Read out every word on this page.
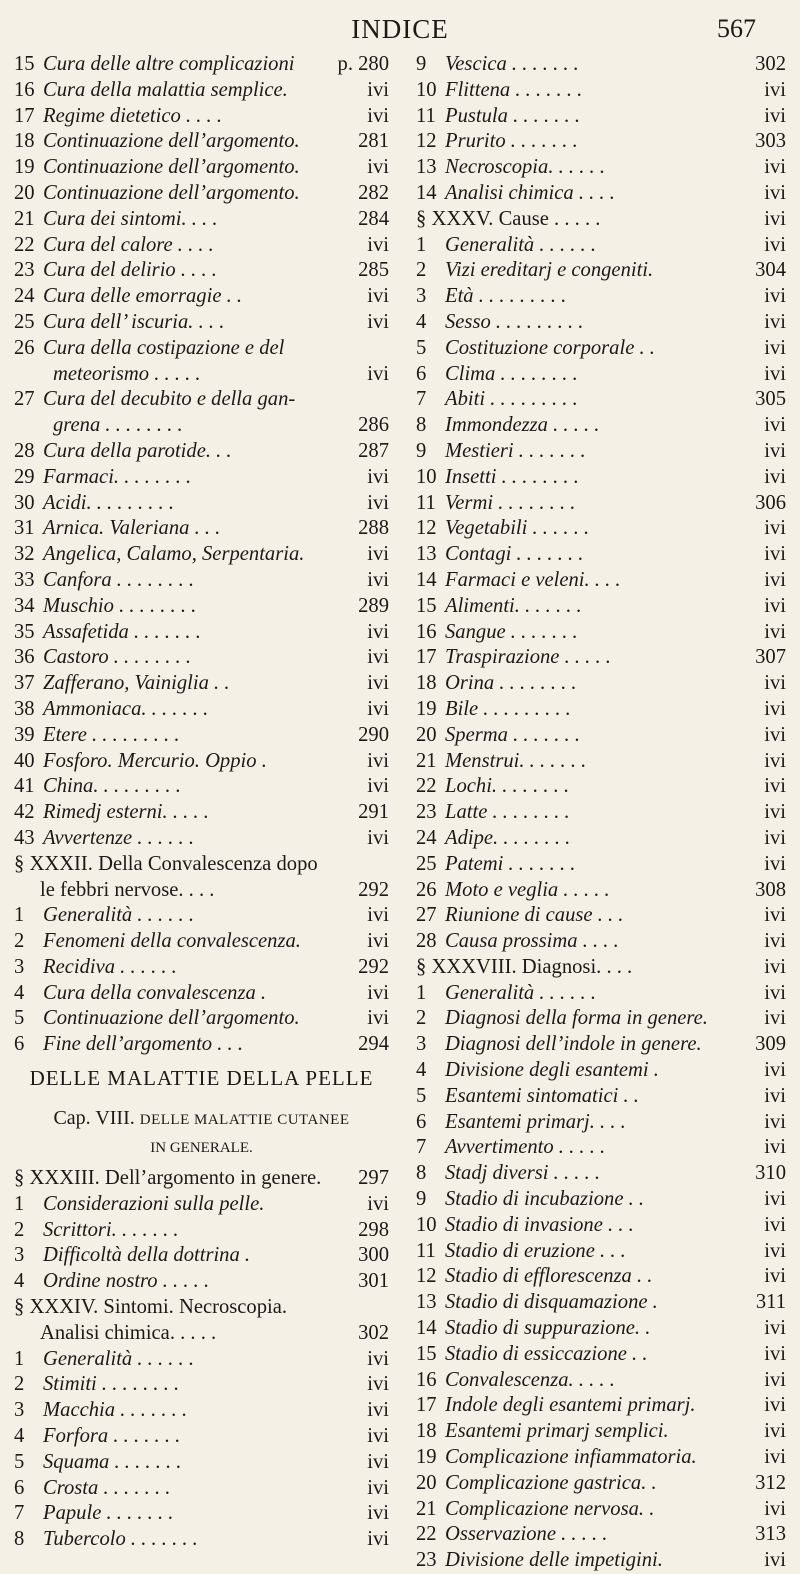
INDICE	567
15 Cura delle altre complicazioni p. 280
16 Cura della malattia semplice.	ivi
17 Regime dietetico . . . .	ivi
18 Continuazione dell’argomento.	281
19 Continuazione dell’argomento.	ivi
20 Continuazione dell’argomento.	282
21 Cura dei sintomi. . . .	284
22 Cura del calore . . . .	ivi
23 Cura del delirio . . . .	285
24 Cura delle emorragie . .	ivi
25 Cura dell’ iscuria. . . .	ivi
26 Cura della costipazione e del
meteorismo . . . . .	ivi
27 Cura del decubito e della gan-
grena . . . . . . . .	286
28 Cura della parotide. . .	287
29 Farmaci. . . . . . . .	ivi
30 Acidi. . . . . . . . .	ivi
31 Arnica. Valeriana . . .	288
32 Angelica, Calamo, Serpentaria.	ivi
33 Canfora . . . . . . . .	ivi
34 Muschio . . . . . . . .	289
35 Assafetida . . . . . . .	ivi
36 Castoro . . . . . . . .	ivi
37 Zafferano, Vainiglia . .	ivi
38 Ammoniaca. . . . . . .	ivi
39 Etere . . . . . . . . .	290
40 Fosforo. Mercurio. Oppio .	ivi
41 China. . . . . . . . .	ivi
42 Rimedj esterni. . . . .	291
43 Avvertenze . . . . . .	ivi
§ XXXII. Della Convalescenza dopo
le febbri nervose. . . .	292
1 Generalità . . . . . .	ivi
2 Fenomeni della convalescenza.	ivi
3 Recidiva . . . . . .	292
4 Cura della convalescenza .	ivi
5 Continuazione dell’argomento.	ivi
6 Fine dell’argomento . . .	294
DELLE MALATTIE DELLA PELLE
Cap. VIII. DELLE MALATTIE CUTANEE
IN GENERALE.
§ XXXIII. Dell’argomento in genere. 297
1 Considerazioni sulla pelle.	ivi
2 Scrittori. . . . . . .	298
3 Difficoltà della dottrina .	300
4 Ordine nostro . . . . .	301
§ XXXIV. Sintomi. Necroscopia.
Analisi chimica. . . . .	302
1 Generalità . . . . . .	ivi
2 Stimiti . . . . . . . .	ivi
3 Macchia . . . . . . .	ivi
4 Forfora . . . . . . .	ivi
5 Squama . . . . . . .	ivi
6 Crosta . . . . . . .	ivi
7 Papule . . . . . . .	ivi
8 Tubercolo . . . . . . .	ivi
9 Vescica . . . . . . .	302
10 Flittena . . . . . . .	ivi
11 Pustula . . . . . . .	ivi
12 Prurito . . . . . . .	303
13 Necroscopia. . . . . .	ivi
14 Analisi chimica . . . .	ivi
§ XXXV. Cause . . . . .	ivi
1 Generalità . . . . . .	ivi
2 Vizi ereditarj e congeniti.	304
3 Età . . . . . . . . .	ivi
4 Sesso . . . . . . . . .	ivi
5 Costituzione corporale . .	ivi
6 Clima . . . . . . . .	ivi
7 Abiti . . . . . . . . .	305
8 Immondezza . . . . .	ivi
9 Mestieri . . . . . . .	ivi
10 Insetti . . . . . . . .	ivi
11 Vermi . . . . . . . .	306
12 Vegetabili . . . . . .	ivi
13 Contagi . . . . . . .	ivi
14 Farmaci e veleni. . . .	ivi
15 Alimenti. . . . . . .	ivi
16 Sangue . . . . . . .	ivi
17 Traspirazione . . . . .	307
18 Orina . . . . . . . .	ivi
19 Bile . . . . . . . . .	ivi
20 Sperma . . . . . . .	ivi
21 Menstrui. . . . . . .	ivi
22 Lochi. . . . . . . .	ivi
23 Latte . . . . . . . .	ivi
24 Adipe. . . . . . . .	ivi
25 Patemi . . . . . . .	ivi
26 Moto e veglia . . . . .	308
27 Riunione di cause . . .	ivi
28 Causa prossima . . . .	ivi
§ XXXVIII. Diagnosi. . . .	ivi
1 Generalità . . . . . .	ivi
2 Diagnosi della forma in genere.	ivi
3 Diagnosi dell’indole in genere.	309
4 Divisione degli esantemi .	ivi
5 Esantemi sintomatici . .	ivi
6 Esantemi primarj. . . .	ivi
7 Avvertimento . . . . .	ivi
8 Stadj diversi . . . . .	310
9 Stadio di incubazione . .	ivi
10 Stadio di invasione . . .	ivi
11 Stadio di eruzione . . .	ivi
12 Stadio di efflorescenza . .	ivi
13 Stadio di disquamazione .	311
14 Stadio di suppurazione. .	ivi
15 Stadio di essiccazione . .	ivi
16 Convalescenza. . . . .	ivi
17 Indole degli esantemi primarj.	ivi
18 Esantemi primarj semplici.	ivi
19 Complicazione infiammatoria.	ivi
20 Complicazione gastrica. .	312
21 Complicazione nervosa. .	ivi
22 Osservazione . . . . .	313
23 Divisione delle impetigini.	ivi
